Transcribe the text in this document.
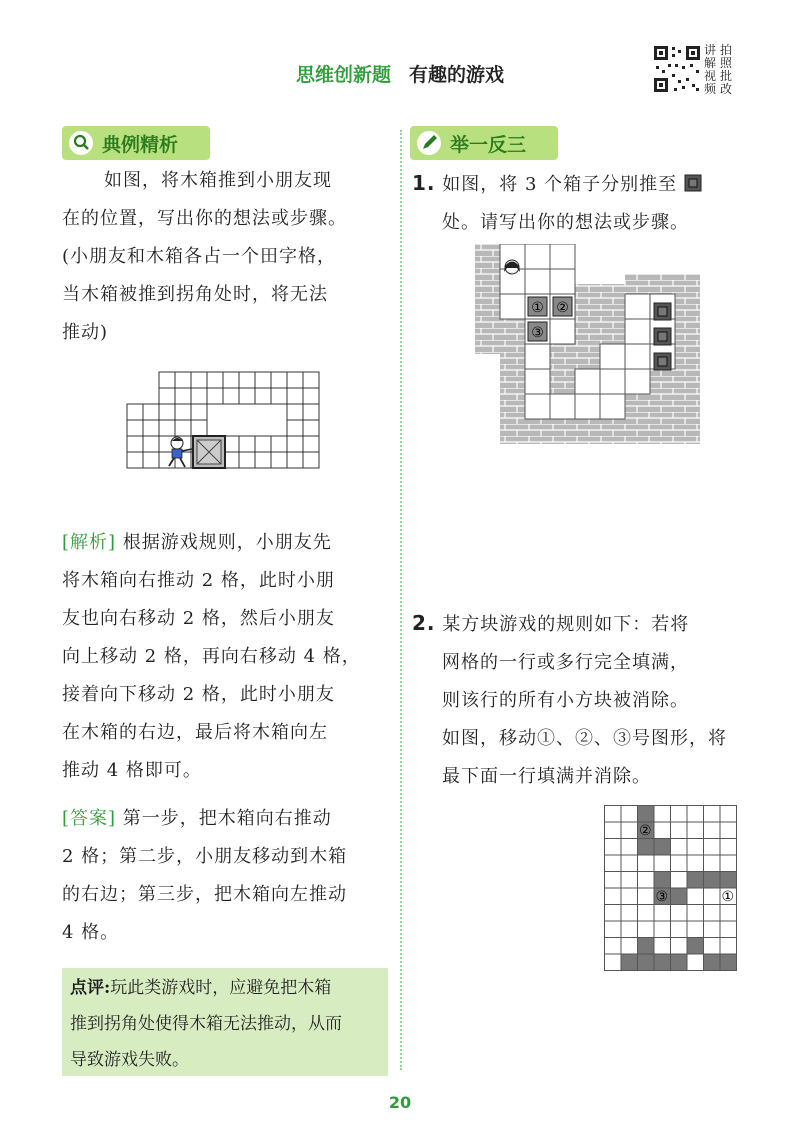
思维创新题 有趣的游戏
讲
解
视
频
拍
照
批
改
典例精析
如图，将木箱推到小朋友现
在的位置，写出你的想法或步骤。
(小朋友和木箱各占一个田字格，
当木箱被推到拐角处时，将无法
推动)
[解析] 根据游戏规则，小朋友先
将木箱向右推动 2 格，此时小朋
友也向右移动 2 格，然后小朋友
向上移动 2 格，再向右移动 4 格，
接着向下移动 2 格，此时小朋友
在木箱的右边，最后将木箱向左
推动 4 格即可。
[答案] 第一步，把木箱向右推动
2 格；第二步，小朋友移动到木箱
的右边；第三步，把木箱向左推动
4 格。
点评:玩此类游戏时，应避免把木箱
推到拐角处使得木箱无法推动，从而
导致游戏失败。
举一反三
1. 如图，将 3 个箱子分别推至
处。请写出你的想法或步骤。
① ②
③
2. 某方块游戏的规则如下：若将
网格的一行或多行完全填满，
则该行的所有小方块被消除。
如图，移动①、②、③号图形，将
最下面一行填满并消除。
②
③	①
20
